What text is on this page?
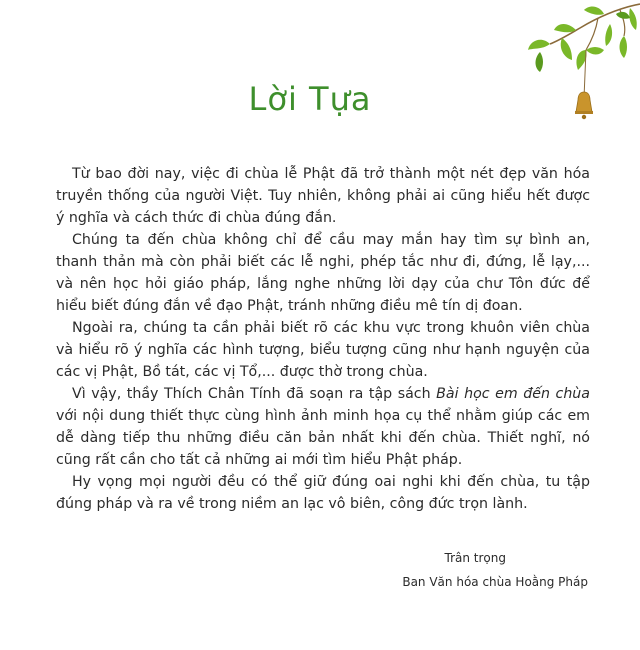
Lời Tựa

Từ bao đời nay, việc đi chùa lễ Phật đã trở thành một nét đẹp văn hóa truyền thống của người Việt. Tuy nhiên, không phải ai cũng hiểu hết được ý nghĩa và cách thức đi chùa đúng đắn.

Chúng ta đến chùa không chỉ để cầu may mắn hay tìm sự bình an, thanh thản mà còn phải biết các lễ nghi, phép tắc như đi, đứng, lễ lạy,... và nên học hỏi giáo pháp, lắng nghe những lời dạy của chư Tôn đức để hiểu biết đúng đắn về đạo Phật, tránh những điều mê tín dị đoan.

Ngoài ra, chúng ta cần phải biết rõ các khu vực trong khuôn viên chùa và hiểu rõ ý nghĩa các hình tượng, biểu tượng cũng như hạnh nguyện của các vị Phật, Bồ tát, các vị Tổ,... được thờ trong chùa.

Vì vậy, thầy Thích Chân Tính đã soạn ra tập sách Bài học em đến chùa với nội dung thiết thực cùng hình ảnh minh họa cụ thể nhằm giúp các em dễ dàng tiếp thu những điều căn bản nhất khi đến chùa. Thiết nghĩ, nó cũng rất cần cho tất cả những ai mới tìm hiểu Phật pháp.

Hy vọng mọi người đều có thể giữ đúng oai nghi khi đến chùa, tu tập đúng pháp và ra về trong niềm an lạc vô biên, công đức trọn lành.

Trân trọng
Ban Văn hóa chùa Hoằng Pháp
